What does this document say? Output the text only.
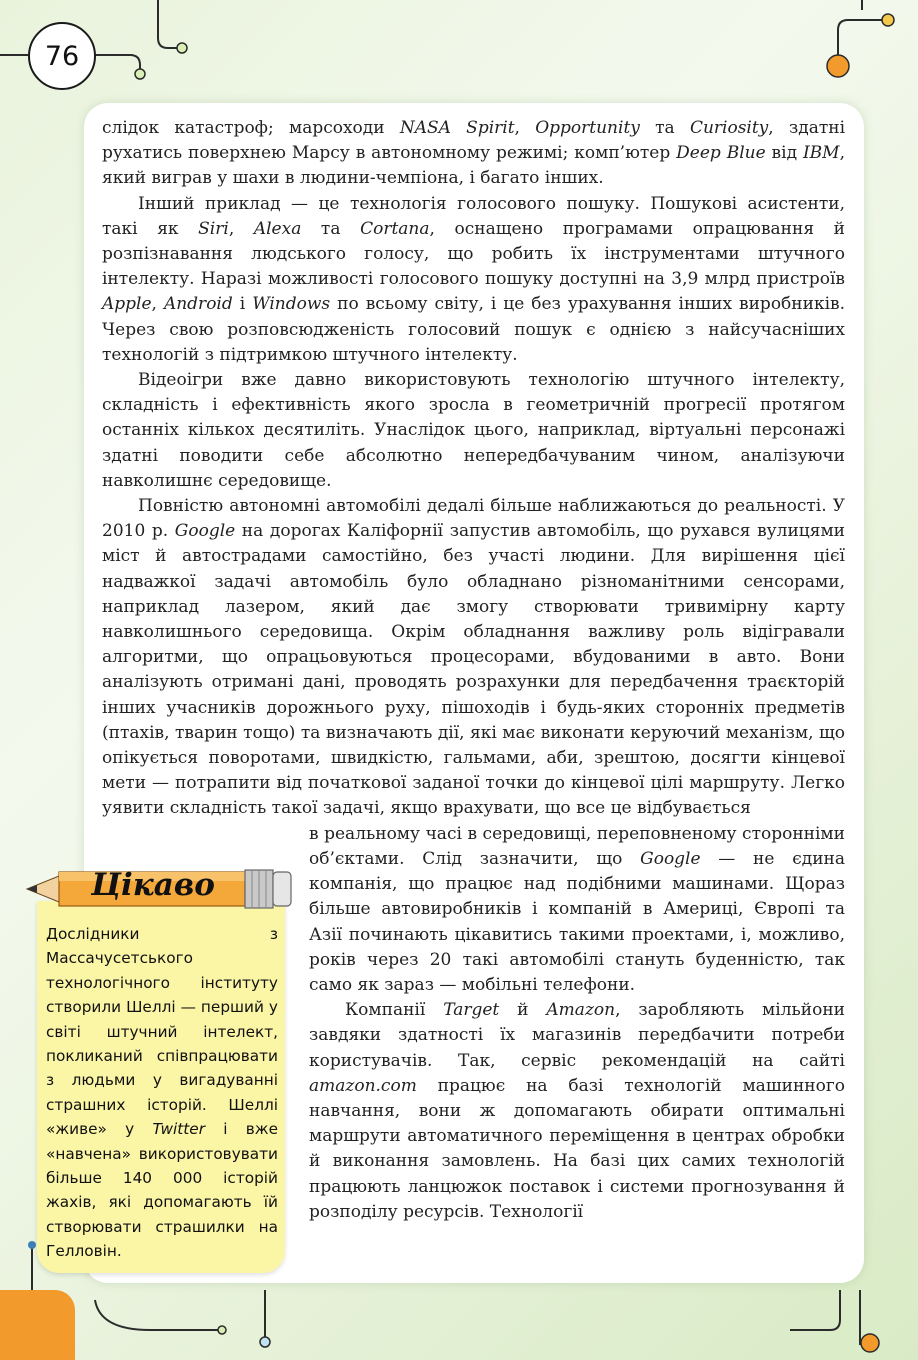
76

слідок катастроф; марсоходи NASA Spirit, Opportunity та Curiosity, здатні рухатись поверхнею Марсу в автономному режимі; комп’ютер Deep Blue від IBM, який виграв у шахи в людини-чемпіона, і багато інших.

Інший приклад — це технологія голосового пошуку. Пошукові асистенти, такі як Siri, Alexa та Cortana, оснащено програмами опрацювання й розпізнавання людського голосу, що робить їх інструментами штучного інтелекту. Наразі можливості голосового пошуку доступні на 3,9 млрд пристроїв Apple, Android і Windows по всьому світу, і це без урахування інших виробників. Через свою розповсюдженість голосовий пошук є однією з найсучасніших технологій з підтримкою штучного інтелекту.

Відеоігри вже давно використовують технологію штучного інтелекту, складність і ефективність якого зросла в геометричній прогресії протягом останніх кількох десятиліть. Унаслідок цього, наприклад, віртуальні персонажі здатні поводити себе абсолютно непередбачуваним чином, аналізуючи навколишнє середовище.

Повністю автономні автомобілі дедалі більше наближаються до реальності. У 2010 р. Google на дорогах Каліфорнії запустив автомобіль, що рухався вулицями міст й автострадами самостійно, без участі людини. Для вирішення цієї надважкої задачі автомобіль було обладнано різноманітними сенсорами, наприклад лазером, який дає змогу створювати тривимірну карту навколишнього середовища. Окрім обладнання важливу роль відігравали алгоритми, що опрацьовуються процесорами, вбудованими в авто. Вони аналізують отримані дані, проводять розрахунки для передбачення траєкторій інших учасників дорожнього руху, пішоходів і будь-яких сторонніх предметів (птахів, тварин тощо) та визначають дії, які має виконати керуючий механізм, що опікується поворотами, швидкістю, гальмами, аби, зрештою, досягти кінцевої мети — потрапити від початкової заданої точки до кінцевої цілі маршруту. Легко уявити складність такої задачі, якщо врахувати, що все це відбувається

в реальному часі в середовищі, переповненому сторонніми об’єктами. Слід зазначити, що Google — не єдина компанія, що працює над подібними машинами. Щораз більше автовиробників і компаній в Америці, Європі та Азії починають цікавитись такими проектами, і, можливо, років через 20 такі автомобілі стануть буденністю, так само як зараз — мобільні телефони.

Компанії Target й Amazon, заробляють мільйони завдяки здатності їх магазинів передбачити потреби користувачів. Так, сервіс рекомендацій на сайті amazon.com працює на базі технологій машинного навчання, вони ж допомагають обирати оптимальні маршрути автоматичного переміщення в центрах обробки й виконання замовлень. На базі цих самих технологій працюють ланцюжок поставок і системи прогнозування й розподілу ресурсів. Технології

Цікаво
Дослідники з Массачусетського технологічного інституту створили Шеллі — перший у світі штучний інтелект, покликаний співпрацювати з людьми у вигадуванні страшних історій. Шеллі «живе» у Twitter і вже «навчена» використовувати більше 140 000 історій жахів, які допомагають їй створювати страшилки на Гелловін.
